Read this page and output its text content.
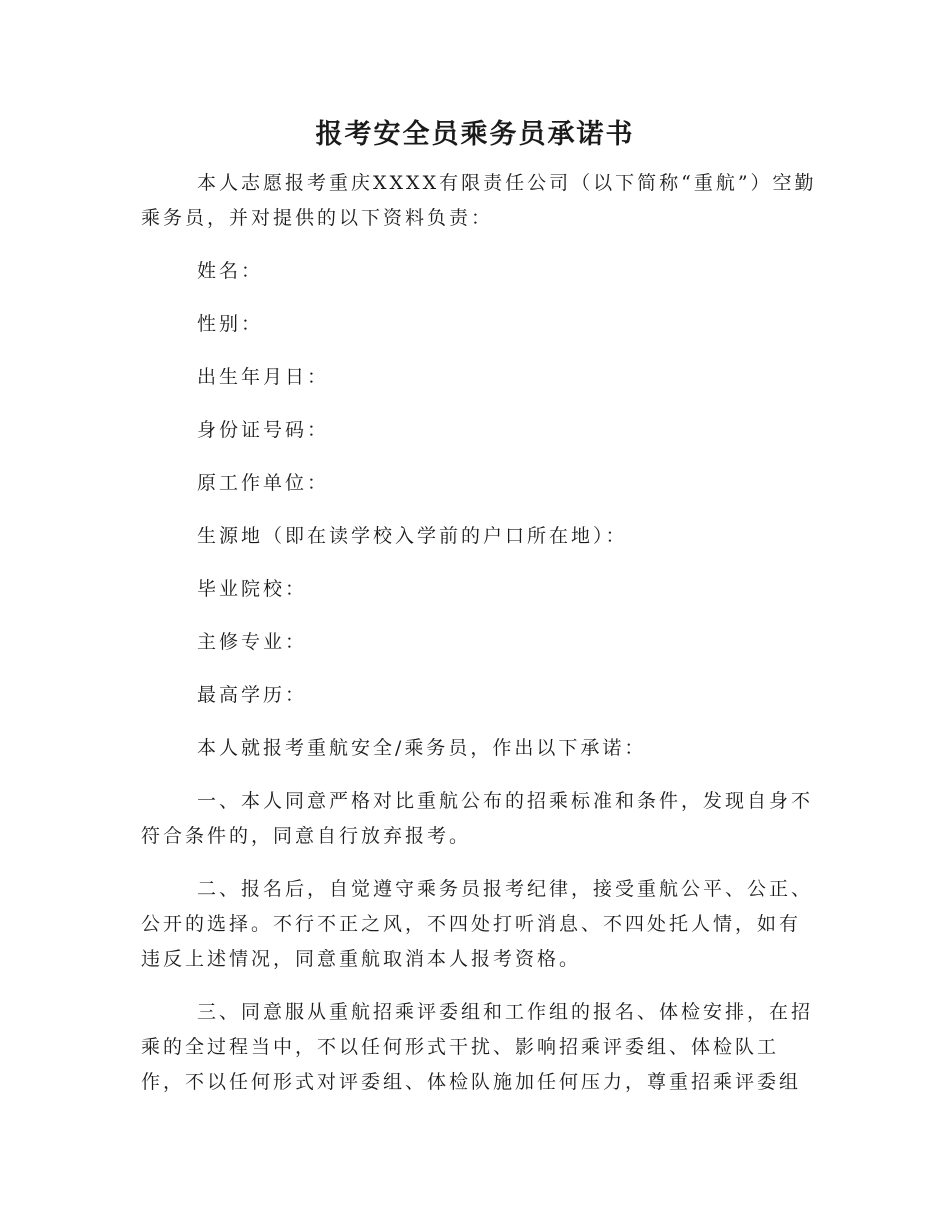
报考安全员乘务员承诺书
本人志愿报考重庆XXXX有限责任公司（以下简称“重航”）空勤
乘务员，并对提供的以下资料负责：
姓名：
性别：
出生年月日：
身份证号码：
原工作单位：
生源地（即在读学校入学前的户口所在地）：
毕业院校：
主修专业：
最高学历：
本人就报考重航安全/乘务员，作出以下承诺：
一、本人同意严格对比重航公布的招乘标准和条件，发现自身不
符合条件的，同意自行放弃报考。
二、报名后，自觉遵守乘务员报考纪律，接受重航公平、公正、
公开的选择。不行不正之风，不四处打听消息、不四处托人情，如有
违反上述情况，同意重航取消本人报考资格。
三、同意服从重航招乘评委组和工作组的报名、体检安排，在招
乘的全过程当中，不以任何形式干扰、影响招乘评委组、体检队工
作，不以任何形式对评委组、体检队施加任何压力，尊重招乘评委组
